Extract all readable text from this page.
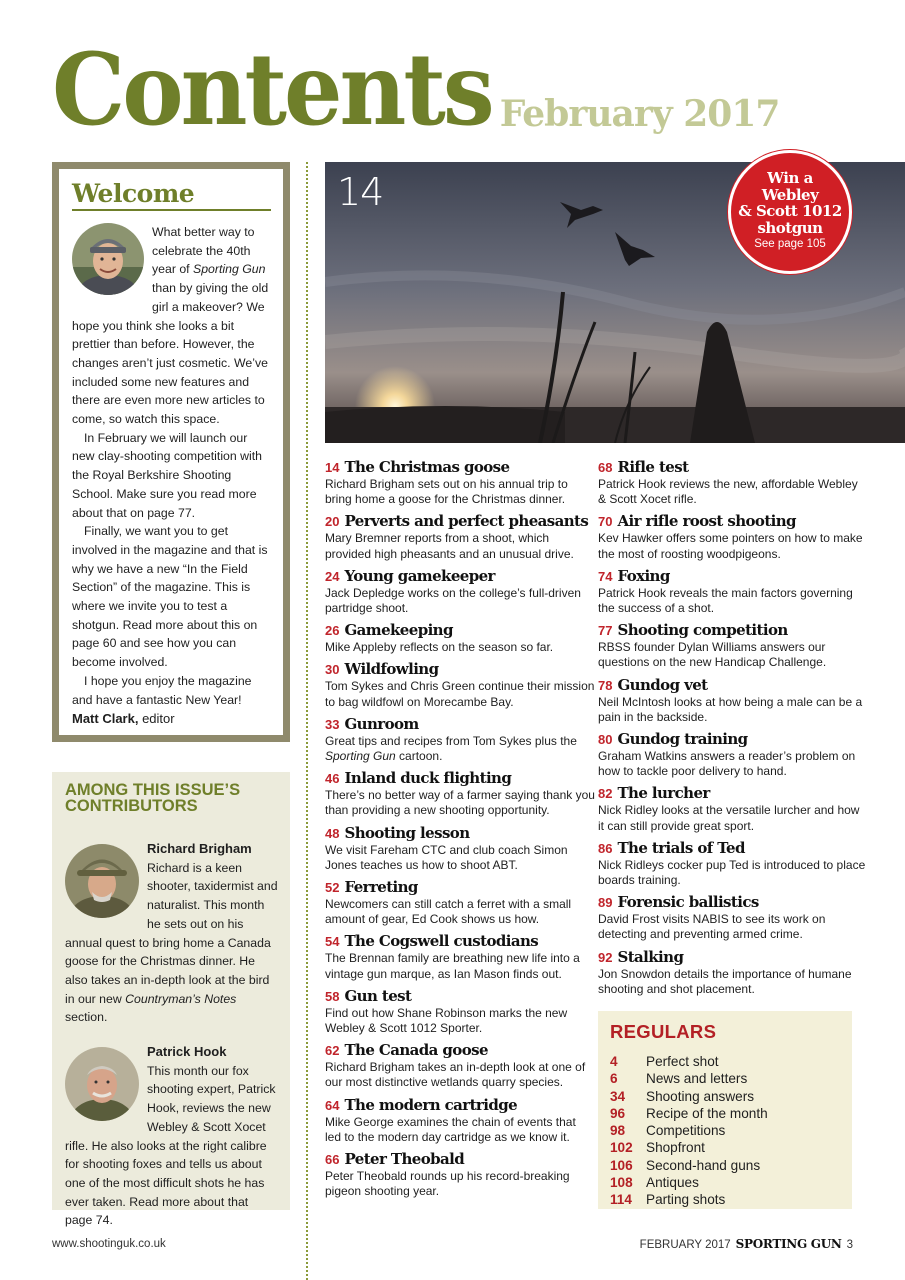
Contents February 2017
Welcome

What better way to celebrate the 40th year of Sporting Gun than by giving the old girl a makeover? We hope you think she looks a bit prettier than before. However, the changes aren’t just cosmetic. We’ve included some new features and there are even more new articles to come, so watch this space.

In February we will launch our new clay-shooting competition with the Royal Berkshire Shooting School. Make sure you read more about that on page 77.

Finally, we want you to get involved in the magazine and that is why we have a new “In the Field Section” of the magazine. This is where we invite you to test a shotgun. Read more about this on page 60 and see how you can become involved.

I hope you enjoy the magazine and have a fantastic New Year!

Matt Clark, editor
AMONG THIS ISSUE’S CONTRIBUTORS
Richard Brigham

Richard is a keen shooter, taxidermist and naturalist. This month he sets out on his annual quest to bring home a Canada goose for the Christmas dinner. He also takes an in-depth look at the bird in our new Countryman’s Notes section.

Patrick Hook

This month our fox shooting expert, Patrick Hook, reviews the new Webley & Scott Xocet rifle. He also looks at the right calibre for shooting foxes and tells us about one of the most difficult shots he has ever taken. Read more about that page 74.

14	Win a
Webley
& Scott 1012
shotgun
See page 105
14 The Christmas goose
Richard Brigham sets out on his annual trip to bring home a goose for the Christmas dinner.
20 Perverts and perfect pheasants
Mary Bremner reports from a shoot, which provided high pheasants and an unusual drive.
24 Young gamekeeper
Jack Depledge works on the college’s full-driven partridge shoot.
26 Gamekeeping
Mike Appleby reflects on the season so far.
30 Wildfowling
Tom Sykes and Chris Green continue their mission to bag wildfowl on Morecambe Bay.
33 Gunroom
Great tips and recipes from Tom Sykes plus the Sporting Gun cartoon.
46 Inland duck flighting
There’s no better way of a farmer saying thank you than providing a new shooting opportunity.
48 Shooting lesson
We visit Fareham CTC and club coach Simon Jones teaches us how to shoot ABT.
52 Ferreting
Newcomers can still catch a ferret with a small amount of gear, Ed Cook shows us how.
54 The Cogswell custodians
The Brennan family are breathing new life into a vintage gun marque, as Ian Mason finds out.
58 Gun test
Find out how Shane Robinson marks the new Webley & Scott 1012 Sporter.
62 The Canada goose
Richard Brigham takes an in-depth look at one of our most distinctive wetlands quarry species.
64 The modern cartridge
Mike George examines the chain of events that led to the modern day cartridge as we know it.
66 Peter Theobald
Peter Theobald rounds up his record-breaking pigeon shooting year.
68 Rifle test
Patrick Hook reviews the new, affordable Webley & Scott Xocet rifle.
70 Air rifle roost shooting
Kev Hawker offers some pointers on how to make the most of roosting woodpigeons.
74 Foxing
Patrick Hook reveals the main factors governing the success of a shot.
77 Shooting competition
RBSS founder Dylan Williams answers our questions on the new Handicap Challenge.
78 Gundog vet
Neil McIntosh looks at how being a male can be a pain in the backside.
80 Gundog training
Graham Watkins answers a reader’s problem on how to tackle poor delivery to hand.
82 The lurcher
Nick Ridley looks at the versatile lurcher and how it can still provide great sport.
86 The trials of Ted
Nick Ridleys cocker pup Ted is introduced to place boards training.
89 Forensic ballistics
David Frost visits NABIS to see its work on detecting and preventing armed crime.
92 Stalking
Jon Snowdon details the importance of humane shooting and shot placement.
REGULARS
4	Perfect shot
6	News and letters
34	Shooting answers
96	Recipe of the month
98	Competitions
102 Shopfront
106 Second-hand guns
108 Antiques
114	Parting shots
www.shootinguk.co.uk	FEBRUARY 2017 SPORTING GUN 3
